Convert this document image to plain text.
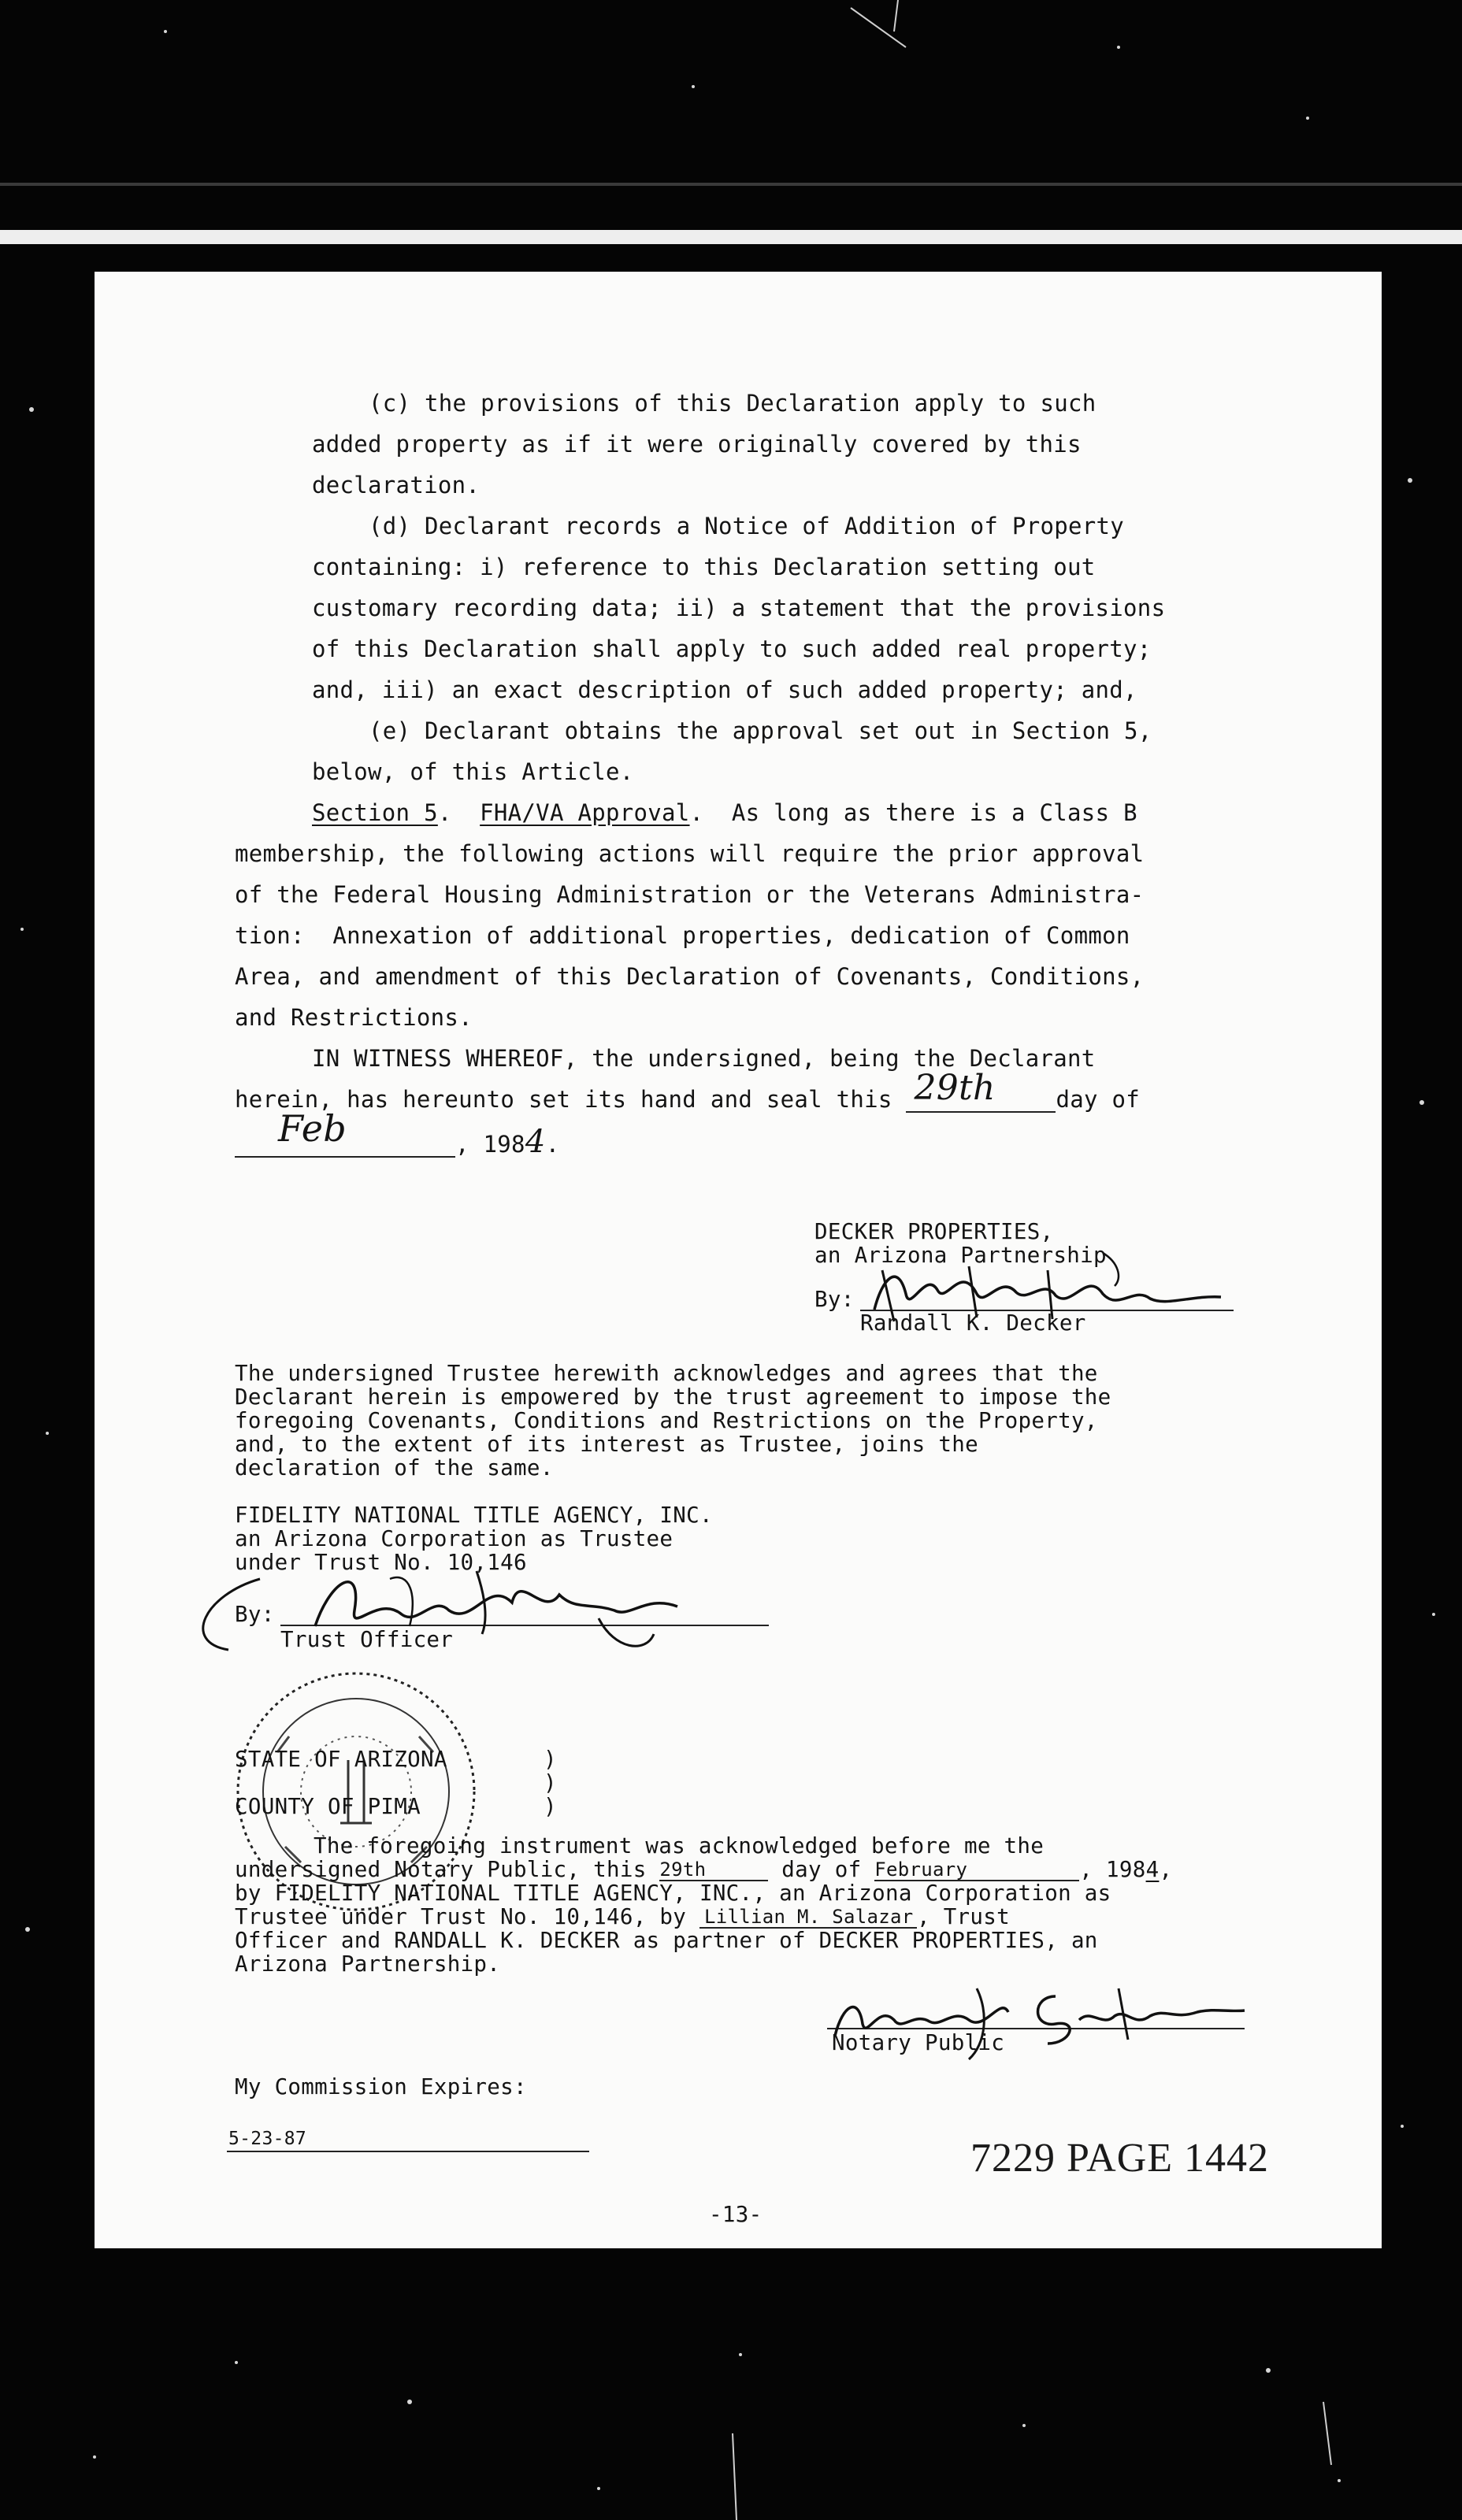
(c) the provisions of this Declaration apply to such
added property as if it were originally covered by this
declaration.
(d) Declarant records a Notice of Addition of Property
containing: i) reference to this Declaration setting out
customary recording data; ii) a statement that the provisions
of this Declaration shall apply to such added real property;
and, iii) an exact description of such added property; and,
(e) Declarant obtains the approval set out in Section 5,
below, of this Article.
Section 5. FHA/VA Approval.  As long as there is a Class B
membership, the following actions will require the prior approval
of the Federal Housing Administration or the Veterans Administra-
tion:  Annexation of additional properties, dedication of Common
Area, and amendment of this Declaration of Covenants, Conditions,
and Restrictions.
IN WITNESS WHEREOF, the undersigned, being the Declarant
herein, has hereunto set its hand and seal this 29th	day of
Feb	, 1984.
DECKER PROPERTIES,
an Arizona Partnership
By:
Randall K. Decker
The undersigned Trustee herewith acknowledges and agrees that the
Declarant herein is empowered by the trust agreement to impose the
foregoing Covenants, Conditions and Restrictions on the Property,
and, to the extent of its interest as Trustee, joins the
declaration of the same.
FIDELITY NATIONAL TITLE AGENCY, INC.
an Arizona Corporation as Trustee
under Trust No. 10,146
By:
Trust Officer
STATE OF ARIZONA	)
)
COUNTY OF PIMA	)
The foregoing instrument was acknowledged before me the
undersigned Notary Public, this 29th	day of February	, 1984,
by FIDELITY NATIONAL TITLE AGENCY, INC., an Arizona Corporation as
Trustee under Trust No. 10,146, by Lillian M. Salazar , Trust
Officer and RANDALL K. DECKER as partner of DECKER PROPERTIES, an
Arizona Partnership.
Notary Public
My Commission Expires:
5-23-87	7229 PAGE 1442
-13-
